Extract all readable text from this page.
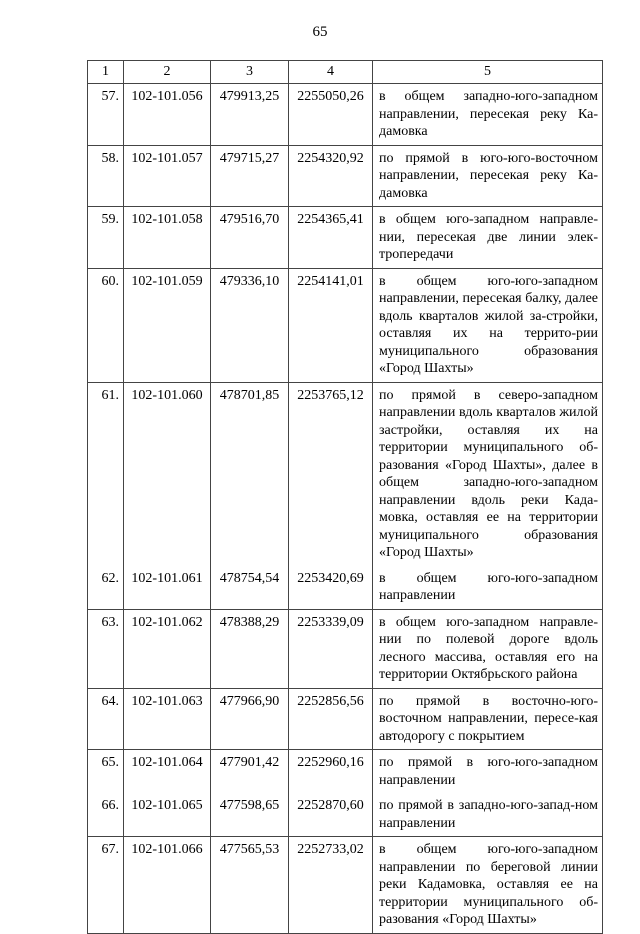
65
1	2	3	4	5
57.	102-101.056	479913,25	2255050,26	в общем западно-юго-западном направлении, пересекая реку Ка-дамовка
58.	102-101.057	479715,27	2254320,92	по прямой в юго-юго-восточном направлении, пересекая реку Ка-дамовка
59.	102-101.058	479516,70	2254365,41	в общем юго-западном направле-нии, пересекая две линии элек-тропередачи
60.	102-101.059	479336,10	2254141,01	в общем юго-юго-западном направлении, пересекая балку, далее вдоль кварталов жилой за-стройки, оставляя их на террито-рии муниципального образования «Город Шахты»
61.	102-101.060	478701,85	2253765,12	по прямой в северо-западном направлении вдоль кварталов жилой застройки, оставляя их на территории муниципального об-разования «Город Шахты», далее в общем западно-юго-западном направлении вдоль реки Када-мовка, оставляя ее на территории муниципального образования «Город Шахты»
62.	102-101.061	478754,54	2253420,69	в общем юго-юго-западном направлении
63.	102-101.062	478388,29	2253339,09	в общем юго-западном направле-нии по полевой дороге вдоль лесного массива, оставляя его на территории Октябрьского района
64.	102-101.063	477966,90	2252856,56	по прямой в восточно-юго-восточном направлении, пересе-кая автодорогу с покрытием
65.	102-101.064	477901,42	2252960,16	по прямой в юго-юго-западном направлении
66.	102-101.065	477598,65	2252870,60	по прямой в западно-юго-запад-ном направлении
67.	102-101.066	477565,53	2252733,02	в общем юго-юго-западном направлении по береговой линии реки Кадамовка, оставляя ее на территории муниципального об-разования «Город Шахты»
